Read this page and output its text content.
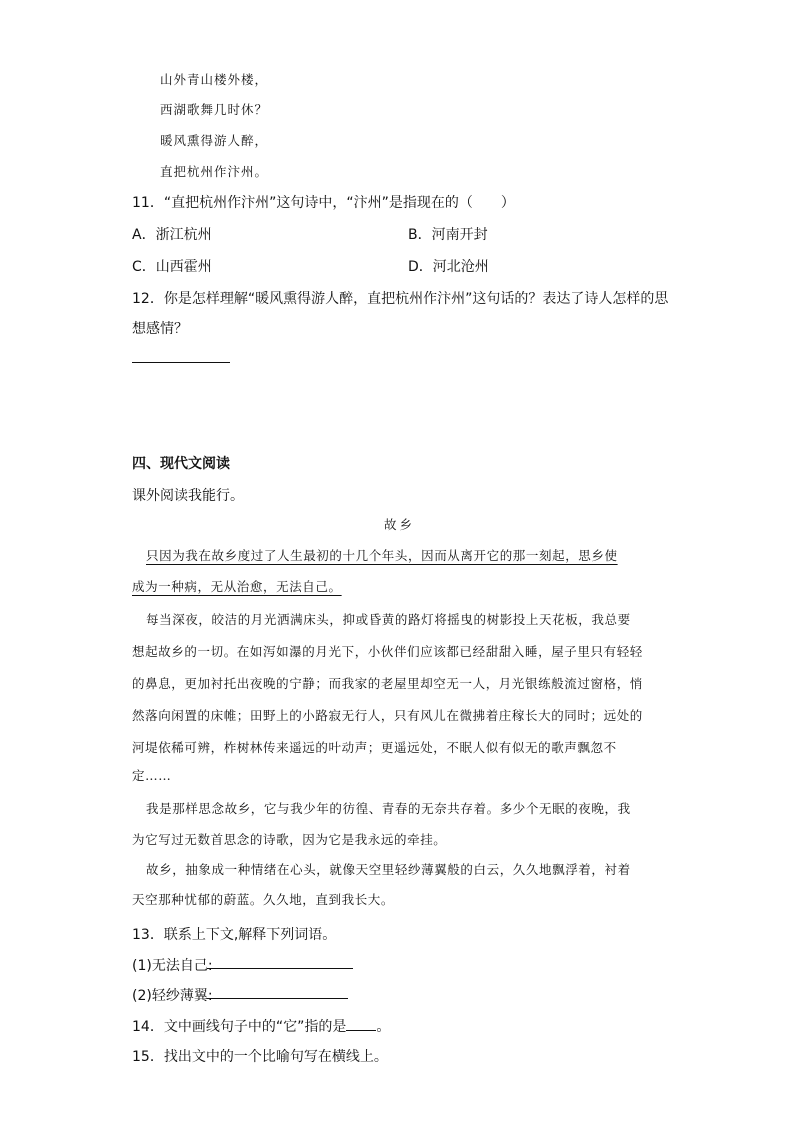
山外青山楼外楼，
西湖歌舞几时休？
暖风熏得游人醉，
直把杭州作汴州。
11．“直把杭州作汴州”这句诗中，“汴州”是指现在的（　　）
A．浙江杭州	B．河南开封
C．山西霍州	D．河北沧州
12．你是怎样理解“暖风熏得游人醉，直把杭州作汴州”这句话的？表达了诗人怎样的思
想感情？
四、现代文阅读
课外阅读我能行。
故乡
只因为我在故乡度过了人生最初的十几个年头，因而从离开它的那一刻起，思乡使
成为一种病，无从治愈，无法自己。
每当深夜，皎洁的月光洒满床头，抑或昏黄的路灯将摇曳的树影投上天花板，我总要
想起故乡的一切。在如泻如瀑的月光下，小伙伴们应该都已经甜甜入睡，屋子里只有轻轻
的鼻息，更加衬托出夜晚的宁静；而我家的老屋里却空无一人，月光银练般流过窗格，悄
然落向闲置的床帷；田野上的小路寂无行人，只有风儿在微拂着庄稼长大的同时；远处的
河堤依稀可辨，柞树林传来遥远的叶动声；更遥远处，不眠人似有似无的歌声飘忽不
定……
我是那样思念故乡，它与我少年的彷徨、青春的无奈共存着。多少个无眠的夜晚，我
为它写过无数首思念的诗歌，因为它是我永远的牵挂。
故乡，抽象成一种情绪在心头，就像天空里轻纱薄翼般的白云，久久地飘浮着，衬着
天空那种忧郁的蔚蓝。久久地，直到我长大。
13．联系上下文,解释下列词语。
(1)无法自己:
(2)轻纱薄翼:
14．文中画线句子中的“它”指的是 。
15．找出文中的一个比喻句写在横线上。
